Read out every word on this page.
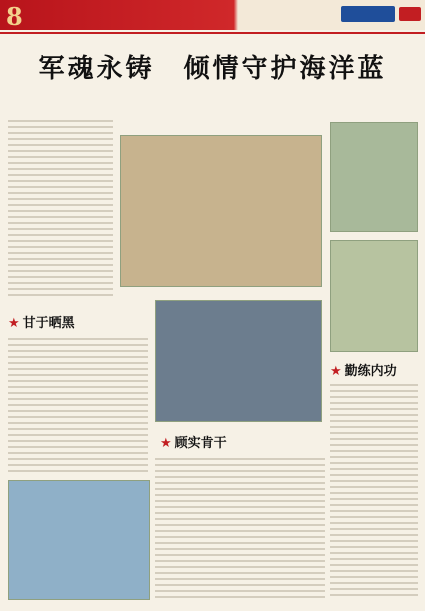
8
军魂永铸　倾情守护海洋蓝
★ 甘于晒黑
★ 顾实肯干
★ 勤练内功
